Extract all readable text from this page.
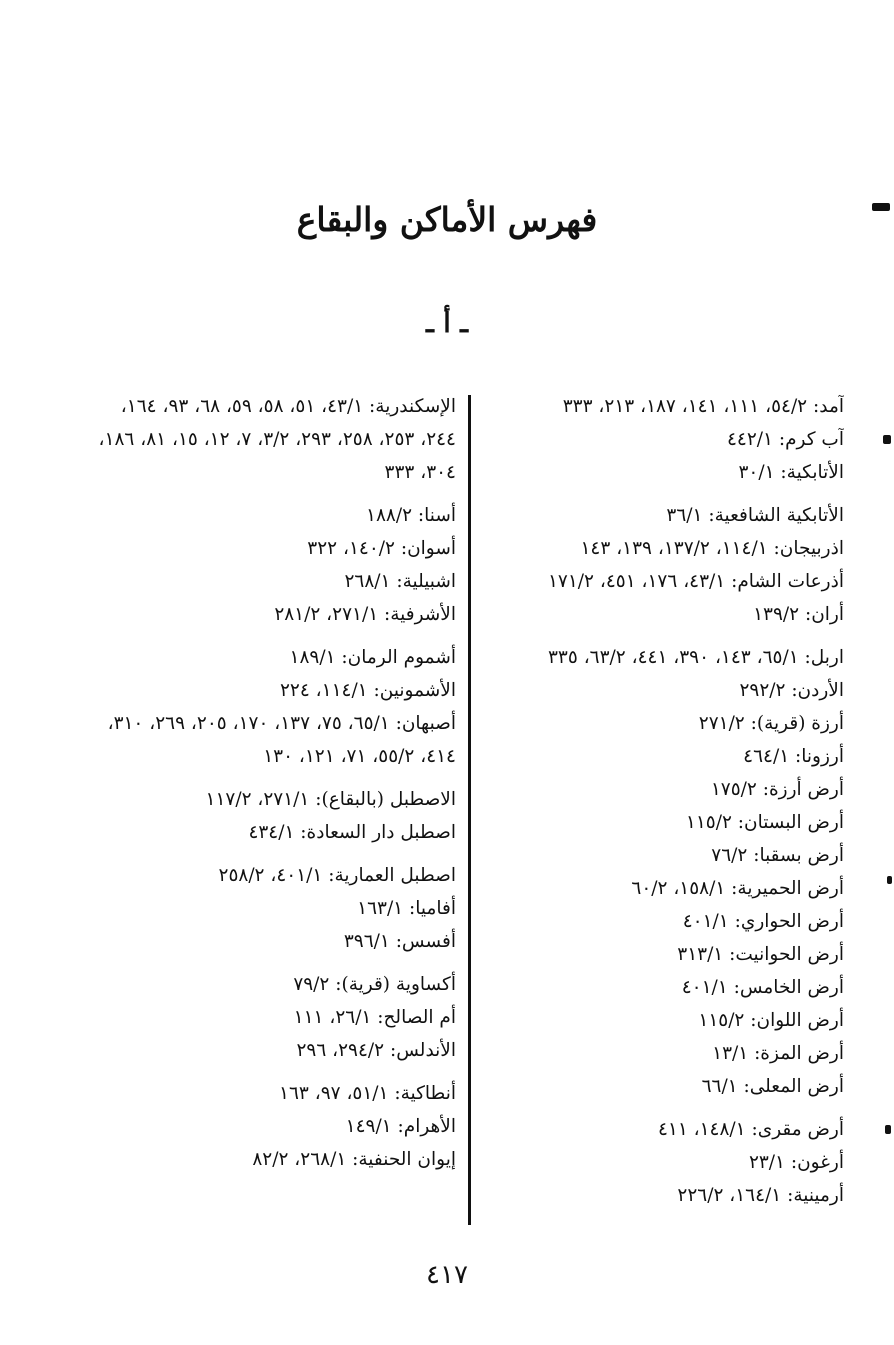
فهرس الأماكن والبقاع
ـ أ ـ
آمد: ٥٤/٢، ١١١، ١٤١، ١٨٧، ٢١٣، ٣٣٣
آب كرم: ٤٤٢/١
الأتابكية: ٣٠/١
الأتابكية الشافعية: ٣٦/١
اذربيجان: ١١٤/١، ١٣٧/٢، ١٣٩، ١٤٣
أذرعات الشام: ٤٣/١، ١٧٦، ٤٥١، ١٧١/٢
أران: ١٣٩/٢
اربل: ٦٥/١، ١٤٣، ٣٩٠، ٤٤١، ٦٣/٢، ٣٣٥
الأردن: ٢٩٢/٢
أرزة (قرية): ٢٧١/٢
أرزونا: ٤٦٤/١
أرض أرزة: ١٧٥/٢
أرض البستان: ١١٥/٢
أرض بسقبا: ٧٦/٢
أرض الحميرية: ١٥٨/١، ٦٠/٢
أرض الحواري: ٤٠١/١
أرض الحوانيت: ٣١٣/١
أرض الخامس: ٤٠١/١
أرض اللوان: ١١٥/٢
أرض المزة: ١٣/١
أرض المعلى: ٦٦/١
أرض مقرى: ١٤٨/١، ٤١١
أرغون: ٢٣/١
أرمينية: ١٦٤/١، ٢٢٦/٢
الإسكندرية: ٤٣/١، ٥١، ٥٨، ٥٩، ٦٨، ٩٣، ١٦٤، ٢٤٤، ٢٥٣، ٢٥٨، ٢٩٣، ٣/٢، ٧، ١٢، ١٥، ٨١، ١٨٦، ٣٠٤، ٣٣٣
أسنا: ١٨٨/٢
أسوان: ١٤٠/٢، ٣٢٢
اشبيلية: ٢٦٨/١
الأشرفية: ٢٧١/١، ٢٨١/٢
أشموم الرمان: ١٨٩/١
الأشمونين: ١١٤/١، ٢٢٤
أصبهان: ٦٥/١، ٧٥، ١٣٧، ١٧٠، ٢٠٥، ٢٦٩، ٣١٠، ٤١٤، ٥٥/٢، ٧١، ١٢١، ١٣٠
الاصطبل (بالبقاع): ٢٧١/١، ١١٧/٢
اصطبل دار السعادة: ٤٣٤/١
اصطبل العمارية: ٤٠١/١، ٢٥٨/٢
أفاميا: ١٦٣/١
أفسس: ٣٩٦/١
أكساوية (قرية): ٧٩/٢
أم الصالح: ٢٦/١، ١١١
الأندلس: ٢٩٤/٢، ٢٩٦
أنطاكية: ٥١/١، ٩٧، ١٦٣
الأهرام: ١٤٩/١
إيوان الحنفية: ٢٦٨/١، ٨٢/٢
٤١٧
